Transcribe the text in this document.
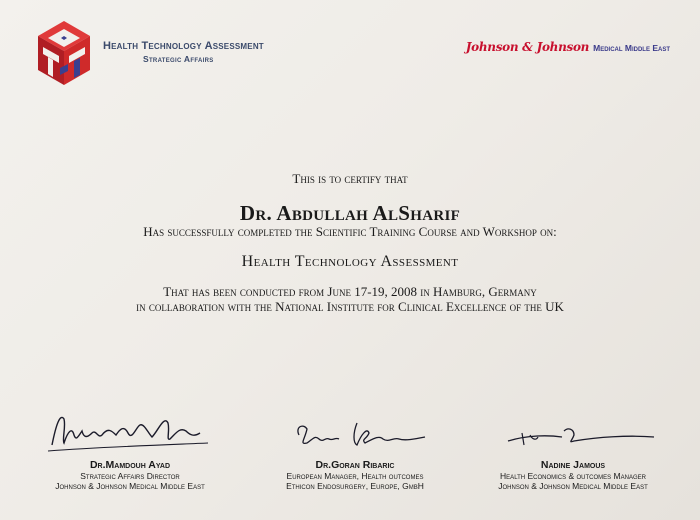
Health Technology Assessment
Strategic Affairs
Johnson & Johnson Medical Middle East
This is to certify that
Dr. Abdullah AlSharif
Has successfully completed the Scientific Training Course and Workshop on:
Health Technology Assessment
That has been conducted from June 17-19, 2008 in Hamburg, Germany
in collaboration with the National Institute for Clinical Excellence of the UK
Dr.Mamdouh Ayad
Strategic Affairs Director
Johnson & Johnson Medical Middle East
Dr.Goran Ribaric
European Manager, Health outcomes
Ethicon Endosurgery, Europe, GmbH
Nadine Jamous
Health Economics & outcomes Manager
Johnson & Johnson Medical Middle East
